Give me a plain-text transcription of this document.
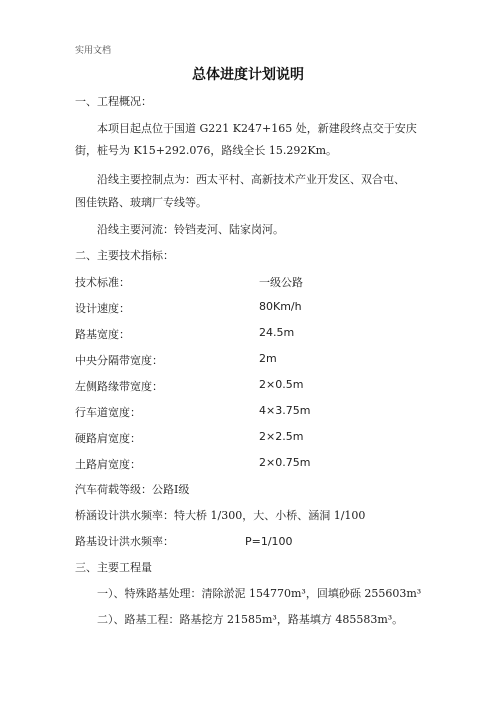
实用文档
总体进度计划说明
一、工程概况：
本项目起点位于国道 G221 K247+165 处，新建段终点交于安庆
街，桩号为 K15+292.076，路线全长 15.292Km。
沿线主要控制点为：西太平村、高新技术产业开发区、双合屯、
图佳铁路、玻璃厂专线等。
沿线主要河流：铃铛麦河、陆家岗河。
二、主要技术指标：
技术标准：	一级公路
设计速度：	80Km/h
路基宽度：	24.5m
中央分隔带宽度：	2m
左侧路缘带宽度：	2×0.5m
行车道宽度：	4×3.75m
硬路肩宽度：	2×2.5m
土路肩宽度：	2×0.75m
汽车荷载等级：公路Ⅰ级
桥涵设计洪水频率：特大桥 1/300，大、小桥、涵洞 1/100
路基设计洪水频率：	P=1/100
三、主要工程量
一）、特殊路基处理：清除淤泥 154770m³，回填砂砾 255603m³
二）、路基工程：路基挖方 21585m³，路基填方 485583m³。
